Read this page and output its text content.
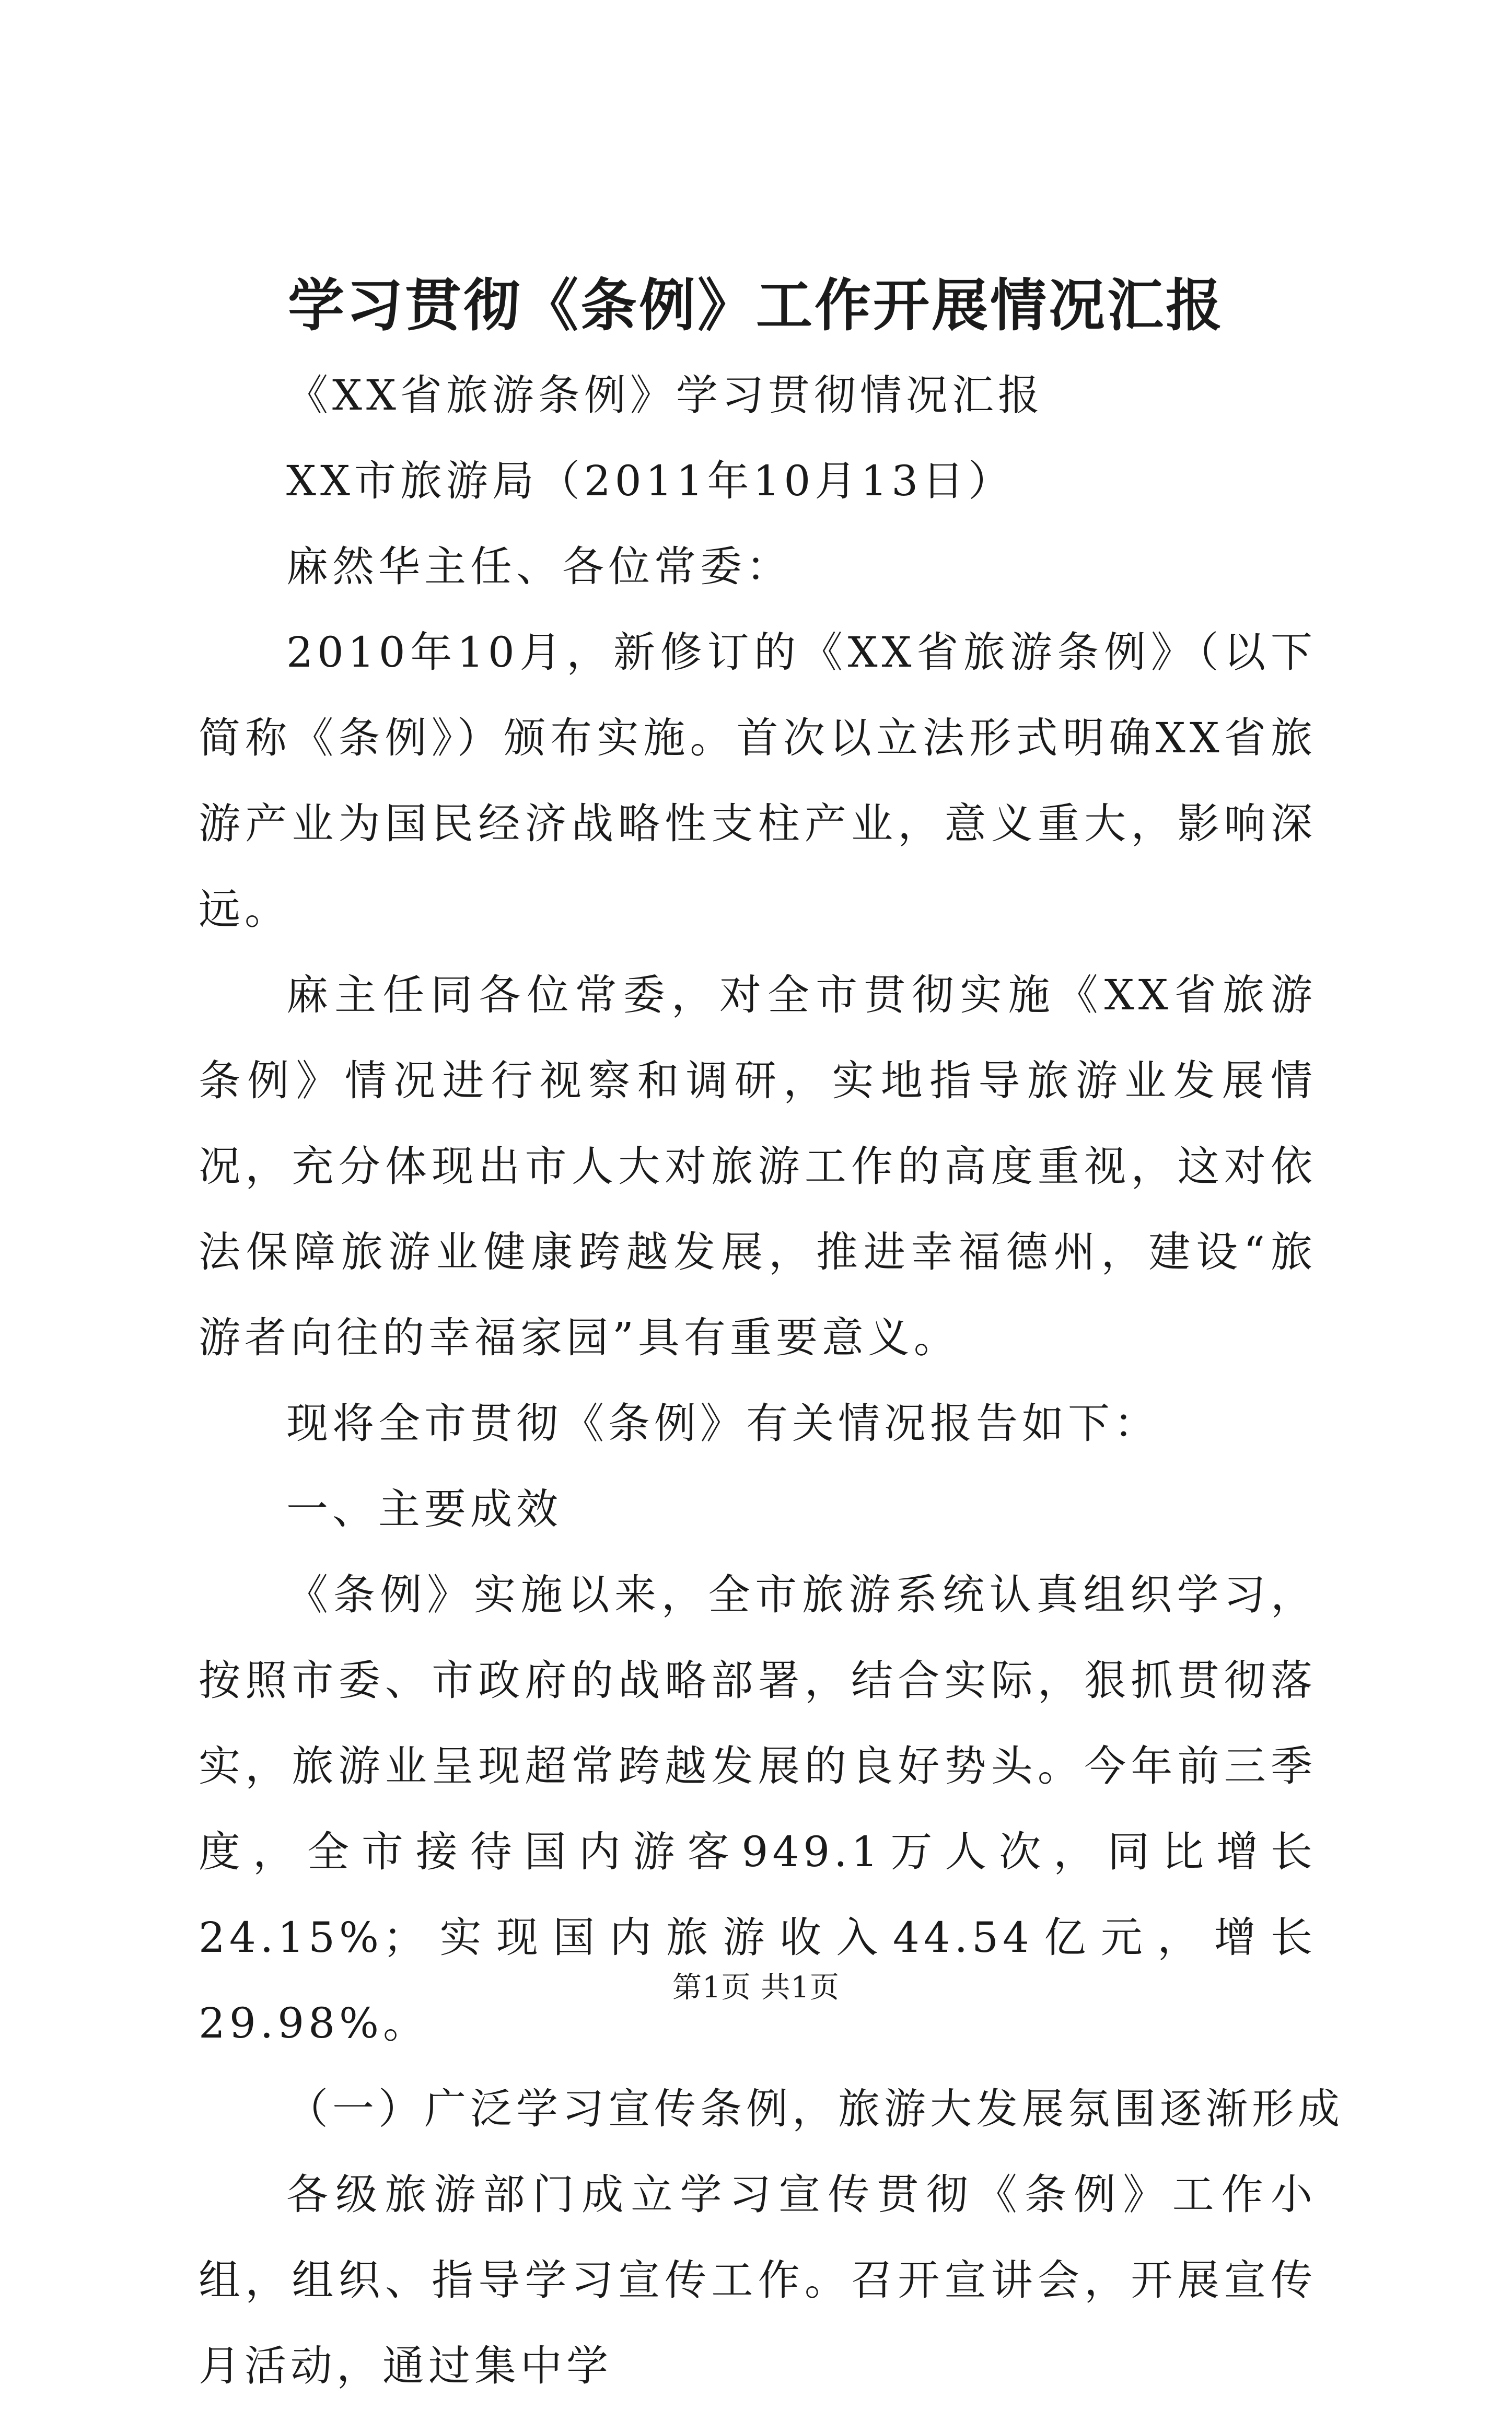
学习贯彻《条例》工作开展情况汇报

《XX省旅游条例》学习贯彻情况汇报

XX市旅游局（2011年10月13日）

麻然华主任、各位常委：

2010年10月，新修订的《XX省旅游条例》（以下简称《条例》）颁布实施。首次以立法形式明确XX省旅游产业为国民经济战略性支柱产业，意义重大，影响深远。

麻主任同各位常委，对全市贯彻实施《XX省旅游条例》情况进行视察和调研，实地指导旅游业发展情况，充分体现出市人大对旅游工作的高度重视，这对依法保障旅游业健康跨越发展，推进幸福德州，建设“旅游者向往的幸福家园”具有重要意义。

现将全市贯彻《条例》有关情况报告如下：

一、主要成效

《条例》实施以来，全市旅游系统认真组织学习，按照市委、市政府的战略部署，结合实际，狠抓贯彻落实，旅游业呈现超常跨越发展的良好势头。今年前三季度，全市接待国内游客949.1万人次，同比增长24.15%；实现国内旅游收入44.54亿元，增长29.98%。

（一）广泛学习宣传条例，旅游大发展氛围逐渐形成

各级旅游部门成立学习宣传贯彻《条例》工作小组，组织、指导学习宣传工作。召开宣讲会，开展宣传月活动，通过集中学

第1页 共1页
